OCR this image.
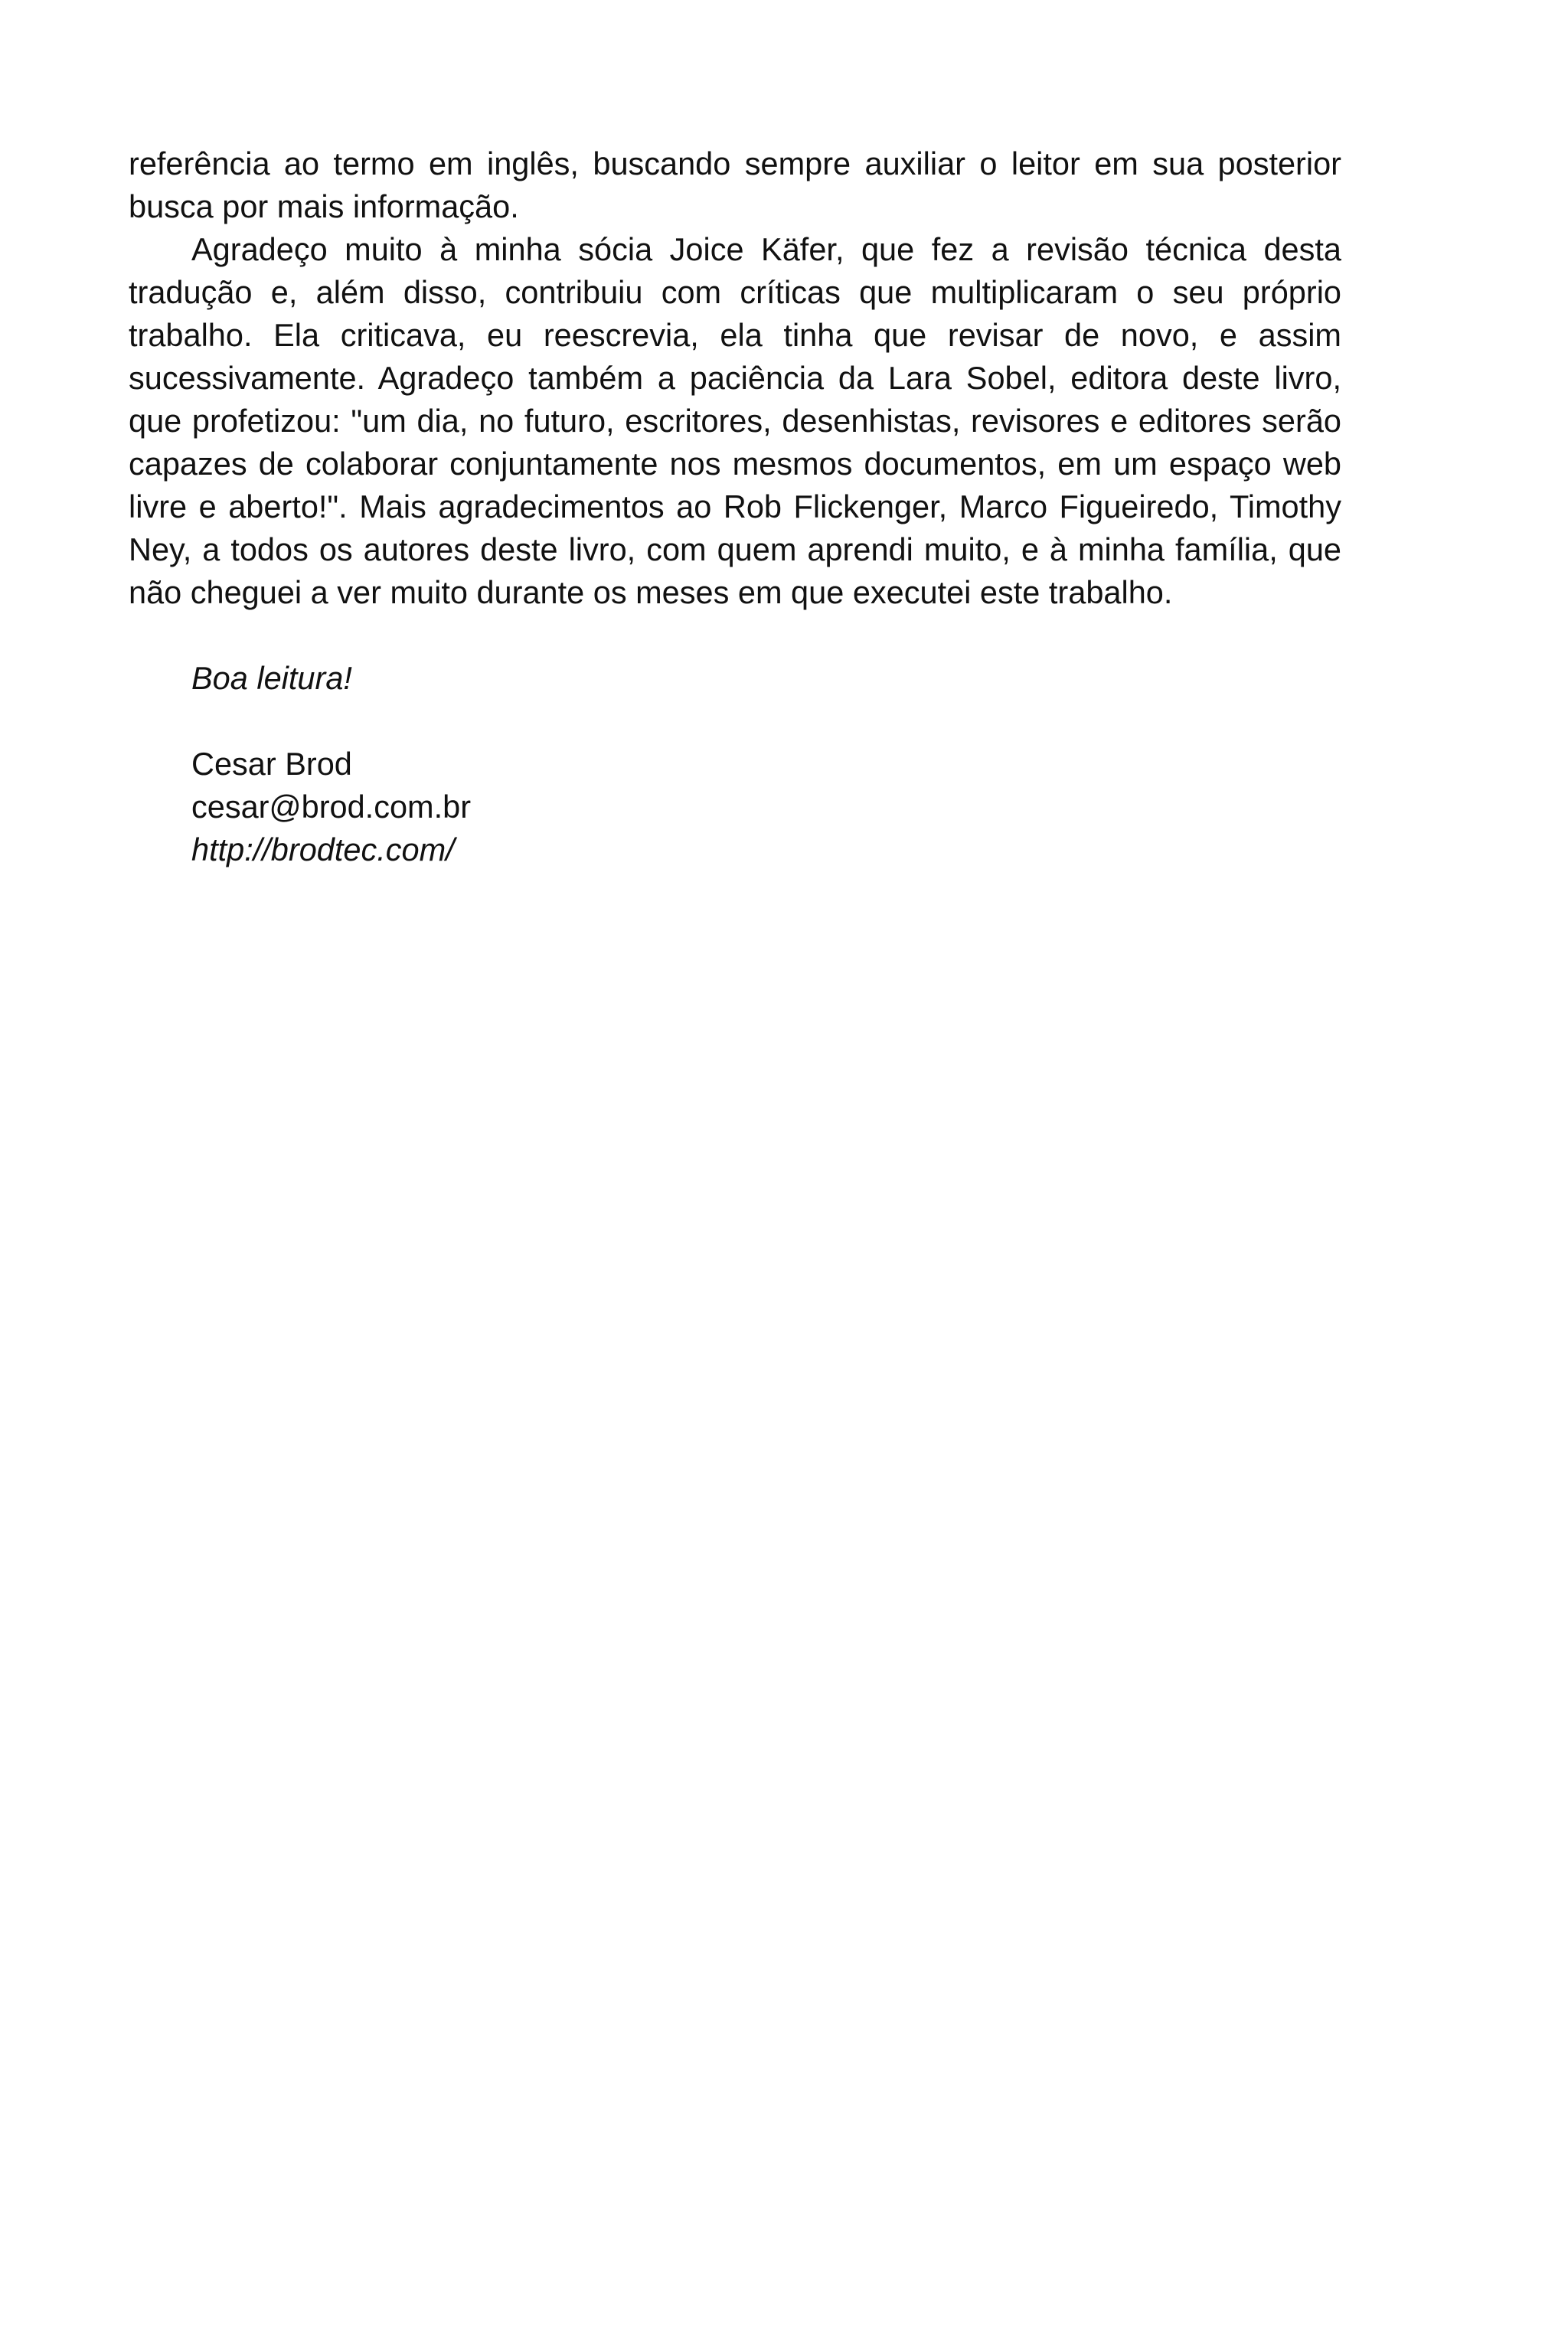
referência ao termo em inglês, buscando sempre auxiliar o leitor em sua posterior busca por mais informação.

Agradeço muito à minha sócia Joice Käfer, que fez a revisão técnica desta tradução e, além disso, contribuiu com críticas que multiplicaram o seu próprio trabalho. Ela criticava, eu reescrevia, ela tinha que revisar de novo, e assim sucessivamente. Agradeço também a paciência da Lara Sobel, editora deste livro, que profetizou: "um dia, no futuro, escritores, desenhistas, revisores e editores serão capazes de colaborar conjuntamente nos mesmos documentos, em um espaço web livre e aberto!". Mais agradecimentos ao Rob Flickenger, Marco Figueiredo, Timothy Ney, a todos os autores deste livro, com quem aprendi muito, e à minha família, que não cheguei a ver muito durante os meses em que executei este trabalho.

Boa leitura!

Cesar Brod

cesar@brod.com.br

http://brodtec.com/
